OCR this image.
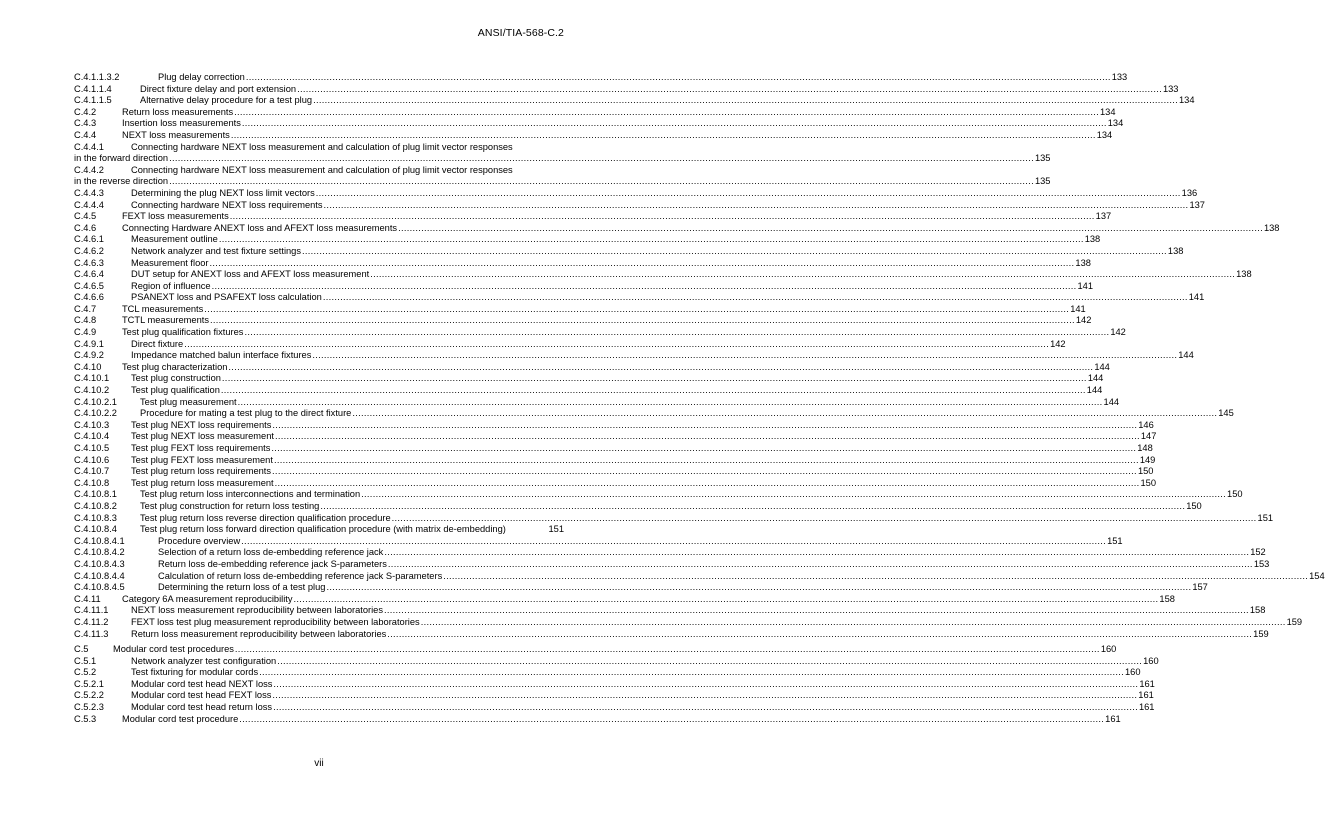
ANSI/TIA-568-C.2
C.4.1.1.3.2	Plug delay correction .....	133
C.4.1.1.4	Direct fixture delay and port extension .....	133
C.4.1.1.5	Alternative delay procedure for a test plug .....	134
C.4.2	Return loss measurements .....	134
C.4.3	Insertion loss measurements .....	134
C.4.4	NEXT loss measurements .....	134
C.4.4.1	Connecting hardware NEXT loss measurement and calculation of plug limit vector responses
in the forward direction .....	135
C.4.4.2	Connecting hardware NEXT loss measurement and calculation of plug limit vector responses
in the reverse direction .....	135
C.4.4.3	Determining the plug NEXT loss limit vectors .....	136
C.4.4.4	Connecting hardware NEXT loss requirements .....	137
C.4.5	FEXT loss measurements .....	137
C.4.6	Connecting Hardware ANEXT loss and AFEXT loss measurements .....	138
C.4.6.1	Measurement outline .....	138
C.4.6.2	Network analyzer and test fixture settings .....	138
C.4.6.3	Measurement floor .....	138
C.4.6.4	DUT setup for ANEXT loss and AFEXT loss measurement .....	138
C.4.6.5	Region of influence .....	141
C.4.6.6	PSANEXT loss and PSAFEXT loss calculation .....	141
C.4.7	TCL measurements .....	141
C.4.8	TCTL measurements .....	142
C.4.9	Test plug qualification fixtures .....	142
C.4.9.1	Direct fixture .....	142
C.4.9.2	Impedance matched balun interface fixtures .....	144
C.4.10	Test plug characterization .....	144
C.4.10.1	Test plug construction .....	144
C.4.10.2	Test plug qualification .....	144
C.4.10.2.1	Test plug measurement .....	144
C.4.10.2.2	Procedure for mating a test plug to the direct fixture .....	145
C.4.10.3	Test plug NEXT loss requirements .....	146
C.4.10.4	Test plug NEXT loss measurement .....	147
C.4.10.5	Test plug FEXT loss requirements .....	148
C.4.10.6	Test plug FEXT loss measurement .....	149
C.4.10.7	Test plug return loss requirements .....	150
C.4.10.8	Test plug return loss measurement .....	150
C.4.10.8.1	Test plug return loss interconnections and termination .....	150
C.4.10.8.2	Test plug construction for return loss testing .....	150
C.4.10.8.3	Test plug return loss reverse direction qualification procedure .....	151
C.4.10.8.4	Test plug return loss forward direction qualification procedure (with matrix de-embedding)	151
C.4.10.8.4.1	Procedure overview .....	151
C.4.10.8.4.2	Selection of a return loss de-embedding reference jack .....	152
C.4.10.8.4.3	Return loss de-embedding reference jack S-parameters .....	153
C.4.10.8.4.4	Calculation of return loss de-embedding reference jack S-parameters .....	154
C.4.10.8.4.5	Determining the return loss of a test plug .....	157
C.4.11	Category 6A measurement reproducibility .....	158
C.4.11.1	NEXT loss measurement reproducibility between laboratories .....	158
C.4.11.2	FEXT loss test plug measurement reproducibility between laboratories .....	159
C.4.11.3	Return loss measurement reproducibility between laboratories .....	159
C.5	Modular cord test procedures .....	160
C.5.1	Network analyzer test configuration .....	160
C.5.2	Test fixturing for modular cords .....	160
C.5.2.1	Modular cord test head NEXT loss .....	161
C.5.2.2	Modular cord test head FEXT loss .....	161
C.5.2.3	Modular cord test head return loss .....	161
C.5.3	Modular cord test procedure .....	161
vii
